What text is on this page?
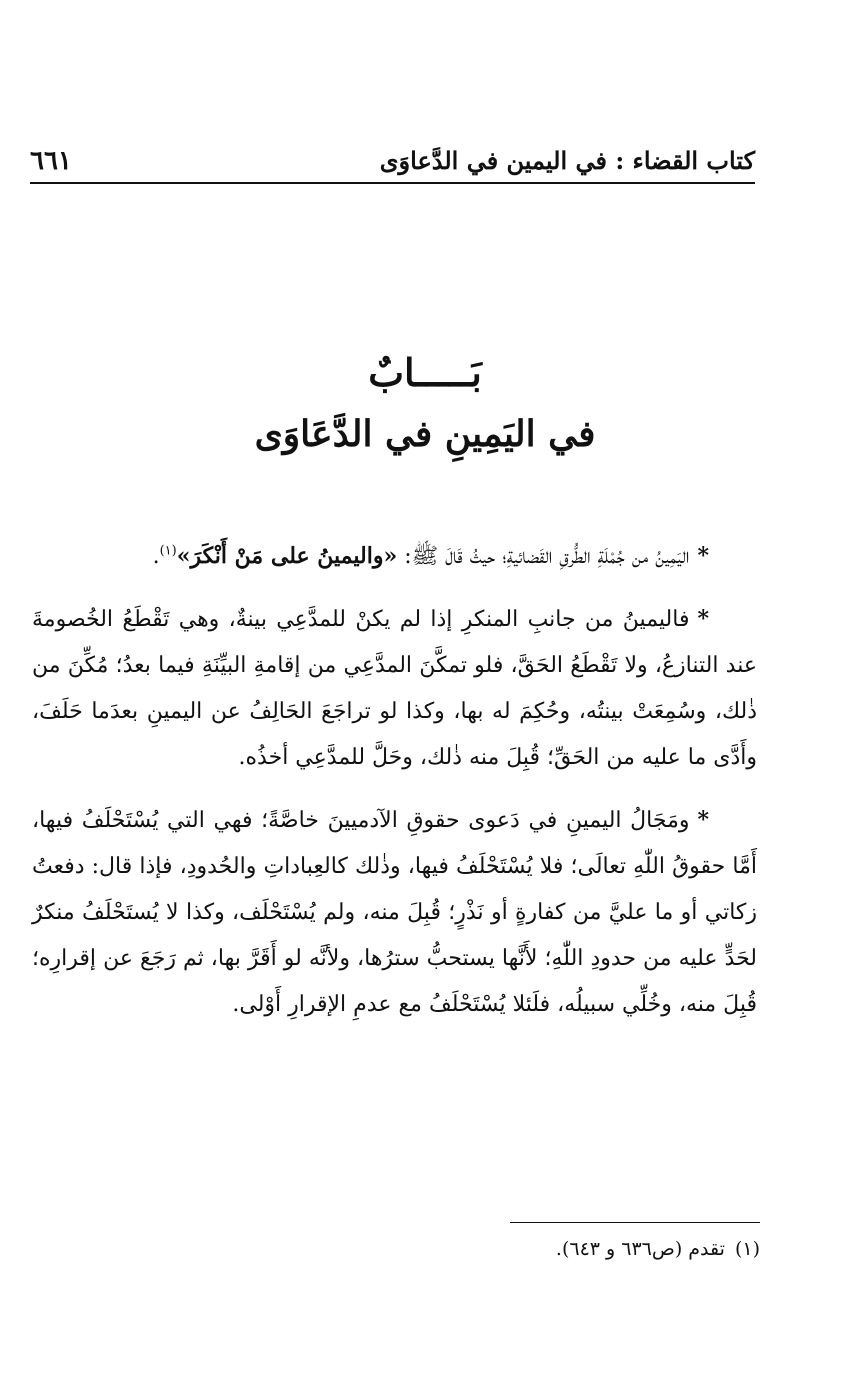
كتاب القضاء : في اليمين في الدَّعاوَى
٦٦١
بَـــــابٌ
في اليَمِينِ في الدَّعَاوَى

*اليَمِينُ من جُمْلَةِ الطُّرقِ القَضائيةِ؛ حيثُ قَالَ ﷺ: «واليمينُ على مَنْ أَنْكَرَ»$^{(١)}$.

*فاليمينُ من جانبِ المنكرِ إذا لم يكنْ للمدَّعِي بينةٌ، وهي تَقْطَعُ الخُصومةَ عند التنازعُ، ولا تَقْطَعُ الحَقَّ، فلو تمكَّنَ المدَّعِي من إقامةِ البيِّنَةِ فيما بعدُ؛ مُكِّنَ من ذٰلك، وسُمِعَتْ بينتُه، وحُكِمَ له بها، وكذا لو تراجَعَ الحَالِفُ عن اليمينِ بعدَما حَلَفَ، وأَدَّى ما عليه من الحَقِّ؛ قُبِلَ منه ذٰلك، وحَلَّ للمدَّعِي أخذُه.

*ومَجَالُ اليمينِ في دَعوى حقوقِ الآدميينَ خاصَّةً؛ فهي التي يُسْتَحْلَفُ فيها، أَمَّا حقوقُ اللّٰهِ تعالَى؛ فلا يُسْتَحْلَفُ فيها، وذٰلك كالعِباداتِ والحُدودِ، فإذا قال: دفعتُ زكاتي أو ما عليَّ من كفارةٍ أو نَذْرٍ؛ قُبِلَ منه، ولم يُسْتَحْلَف، وكذا لا يُستَحْلَفُ منكرٌ لحَدٍّ عليه من حدودِ اللّٰهِ؛ لأَنَّها يستحبُّ سترُها، ولأنَّه لو أَقَرَّ بها، ثم رَجَعَ عن إقرارِه؛ قُبِلَ منه، وخُلِّي سبيلُه، فلَئلا يُسْتَحْلَفُ مع عدمِ الإقرارِ أَوْلى.

(١)تقدم (ص٦٣٦ و ٦٤٣).
